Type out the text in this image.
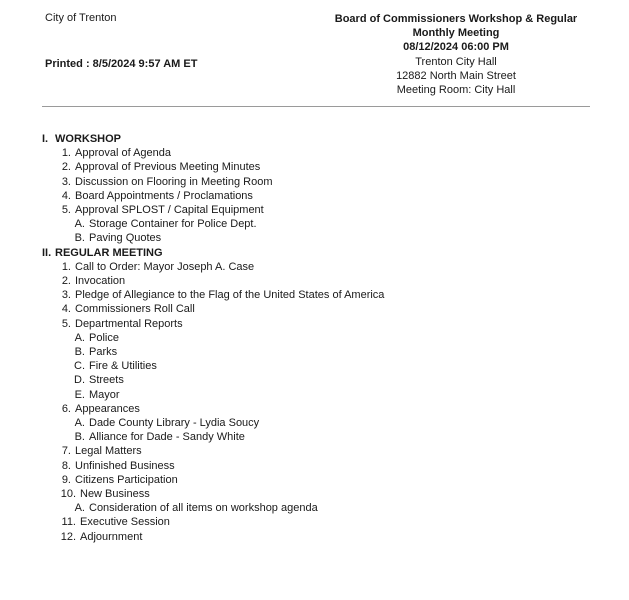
City of Trenton
Printed : 8/5/2024 9:57 AM ET
Board of Commissioners Workshop & Regular
Monthly Meeting
08/12/2024 06:00 PM
Trenton City Hall
12882 North Main Street
Meeting Room: City Hall
I. WORKSHOP
1. Approval of Agenda
2. Approval of Previous Meeting Minutes
3. Discussion on Flooring in Meeting Room
4. Board Appointments / Proclamations
5. Approval SPLOST / Capital Equipment
A. Storage Container for Police Dept.
B. Paving Quotes
II. REGULAR MEETING
1. Call to Order: Mayor Joseph A. Case
2. Invocation
3. Pledge of Allegiance to the Flag of the United States of America
4. Commissioners Roll Call
5. Departmental Reports
A. Police
B. Parks
C. Fire & Utilities
D. Streets
E. Mayor
6. Appearances
A. Dade County Library - Lydia Soucy
B. Alliance for Dade - Sandy White
7. Legal Matters
8. Unfinished Business
9. Citizens Participation
10. New Business
A. Consideration of all items on workshop agenda
11. Executive Session
12. Adjournment
